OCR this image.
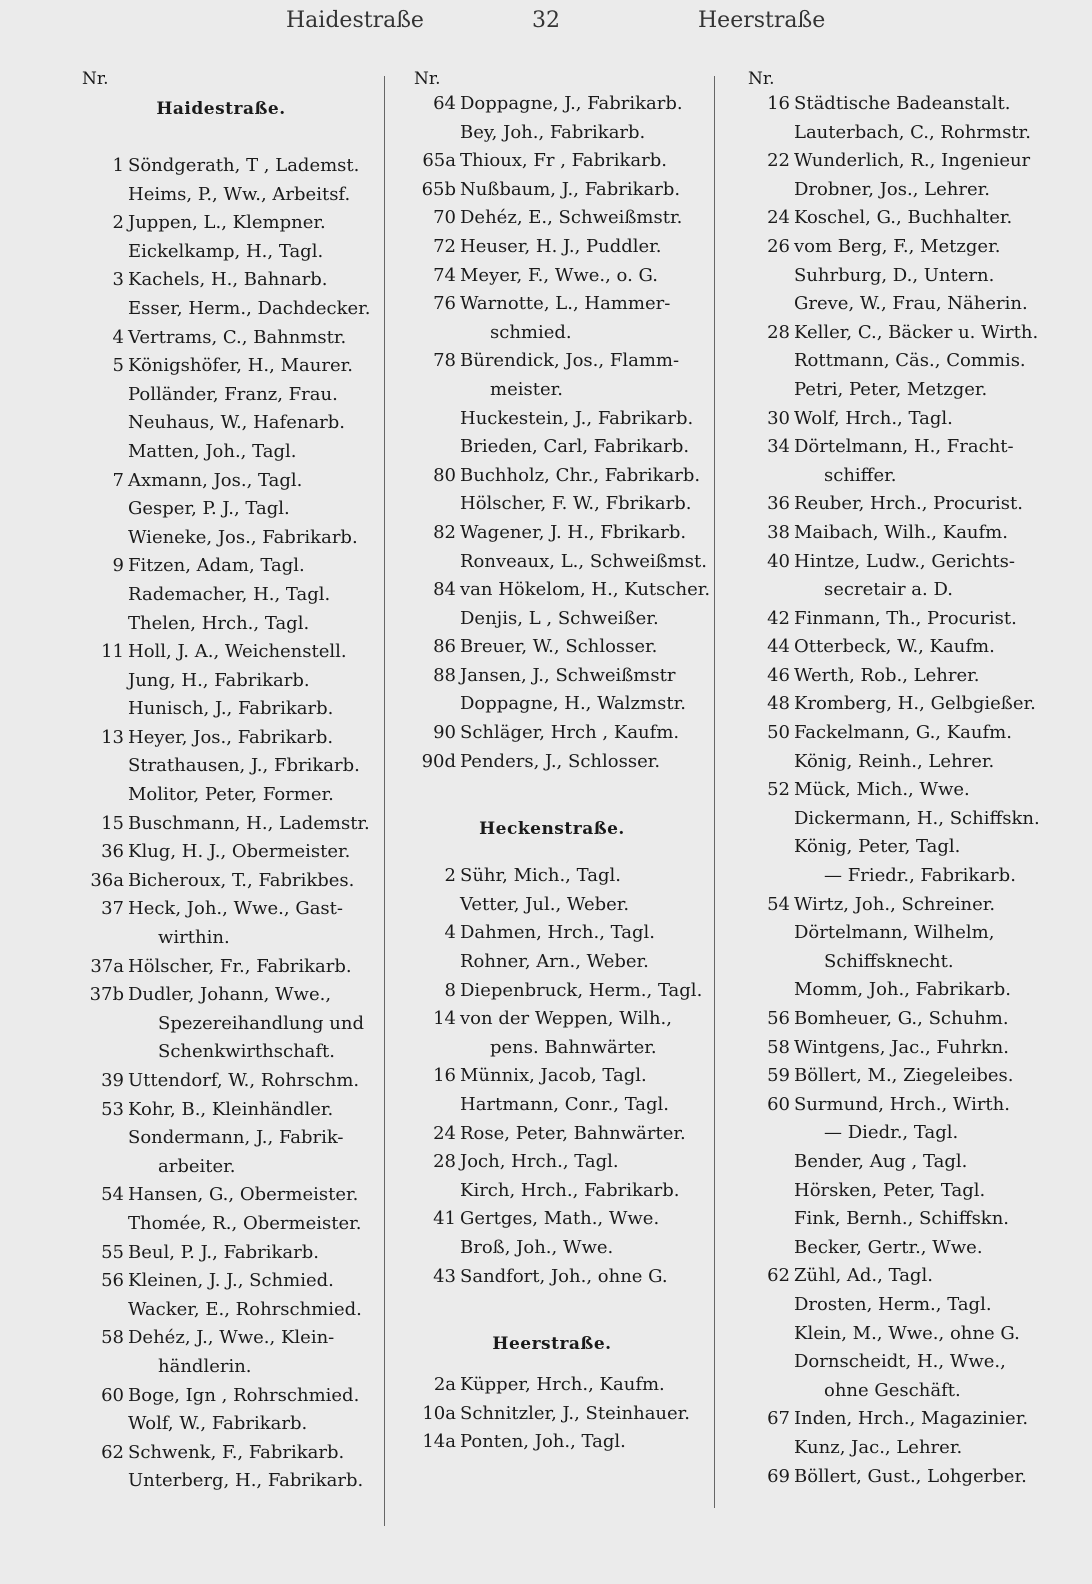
Haidestraße	32	Heerstraße
Nr.
Haidestraße.
1 Söndgerath, T , Lademst.
Heims, P., Ww., Arbeitsf.
2 Juppen, L., Klempner.
Eickelkamp, H., Tagl.
3 Kachels, H., Bahnarb.
Esser, Herm., Dachdecker.
4 Vertrams, C., Bahnmstr.
5 Königshöfer, H., Maurer.
Polländer, Franz, Frau.
Neuhaus, W., Hafenarb.
Matten, Joh., Tagl.
7 Axmann, Jos., Tagl.
Gesper, P. J., Tagl.
Wieneke, Jos., Fabrikarb.
9 Fitzen, Adam, Tagl.
Rademacher, H., Tagl.
Thelen, Hrch., Tagl.
11 Holl, J. A., Weichenstell.
Jung, H., Fabrikarb.
Hunisch, J., Fabrikarb.
13 Heyer, Jos., Fabrikarb.
Strathausen, J., Fbrikarb.
Molitor, Peter, Former.
15 Buschmann, H., Lademstr.
36 Klug, H. J., Obermeister.
36a Bicheroux, T., Fabrikbes.
37 Heck, Joh., Wwe., Gast-
wirthin.
37a Hölscher, Fr., Fabrikarb.
37b Dudler, Johann, Wwe.,
Spezereihandlung und
Schenkwirthschaft.
39 Uttendorf, W., Rohrschm.
53 Kohr, B., Kleinhändler.
Sondermann, J., Fabrik-
arbeiter.
54 Hansen, G., Obermeister.
Thomée, R., Obermeister.
55 Beul, P. J., Fabrikarb.
56 Kleinen, J. J., Schmied.
Wacker, E., Rohrschmied.
58 Dehéz, J., Wwe., Klein-
händlerin.
60 Boge, Ign , Rohrschmied.
Wolf, W., Fabrikarb.
62 Schwenk, F., Fabrikarb.
Unterberg, H., Fabrikarb.
Nr.
64 Doppagne, J., Fabrikarb.
Bey, Joh., Fabrikarb.
65a Thioux, Fr , Fabrikarb.
65b Nußbaum, J., Fabrikarb.
70 Dehéz, E., Schweißmstr.
72 Heuser, H. J., Puddler.
74 Meyer, F., Wwe., o. G.
76 Warnotte, L., Hammer-
schmied.
78 Bürendick, Jos., Flamm-
meister.
Huckestein, J., Fabrikarb.
Brieden, Carl, Fabrikarb.
80 Buchholz, Chr., Fabrikarb.
Hölscher, F. W., Fbrikarb.
82 Wagener, J. H., Fbrikarb.
Ronveaux, L., Schweißmst.
84 van Hökelom, H., Kutscher.
Denjis, L , Schweißer.
86 Breuer, W., Schlosser.
88 Jansen, J., Schweißmstr
Doppagne, H., Walzmstr.
90 Schläger, Hrch , Kaufm.
90d Penders, J., Schlosser.
Heckenstraße.
2 Sühr, Mich., Tagl.
Vetter, Jul., Weber.
4 Dahmen, Hrch., Tagl.
Rohner, Arn., Weber.
8 Diepenbruck, Herm., Tagl.
14 von der Weppen, Wilh.,
pens. Bahnwärter.
16 Münnix, Jacob, Tagl.
Hartmann, Conr., Tagl.
24 Rose, Peter, Bahnwärter.
28 Joch, Hrch., Tagl.
Kirch, Hrch., Fabrikarb.
41 Gertges, Math., Wwe.
Broß, Joh., Wwe.
43 Sandfort, Joh., ohne G.
Heerstraße.
2a Küpper, Hrch., Kaufm.
10a Schnitzler, J., Steinhauer.
14a Ponten, Joh., Tagl.
Nr.
16 Städtische Badeanstalt.
Lauterbach, C., Rohrmstr.
22 Wunderlich, R., Ingenieur
Drobner, Jos., Lehrer.
24 Koschel, G., Buchhalter.
26 vom Berg, F., Metzger.
Suhrburg, D., Untern.
Greve, W., Frau, Näherin.
28 Keller, C., Bäcker u. Wirth.
Rottmann, Cäs., Commis.
Petri, Peter, Metzger.
30 Wolf, Hrch., Tagl.
34 Dörtelmann, H., Fracht-
schiffer.
36 Reuber, Hrch., Procurist.
38 Maibach, Wilh., Kaufm.
40 Hintze, Ludw., Gerichts-
secretair a. D.
42 Finmann, Th., Procurist.
44 Otterbeck, W., Kaufm.
46 Werth, Rob., Lehrer.
48 Kromberg, H., Gelbgießer.
50 Fackelmann, G., Kaufm.
König, Reinh., Lehrer.
52 Mück, Mich., Wwe.
Dickermann, H., Schiffskn.
König, Peter, Tagl.
— Friedr., Fabrikarb.
54 Wirtz, Joh., Schreiner.
Dörtelmann, Wilhelm,
Schiffsknecht.
Momm, Joh., Fabrikarb.
56 Bomheuer, G., Schuhm.
58 Wintgens, Jac., Fuhrkn.
59 Böllert, M., Ziegeleibes.
60 Surmund, Hrch., Wirth.
— Diedr., Tagl.
Bender, Aug , Tagl.
Hörsken, Peter, Tagl.
Fink, Bernh., Schiffskn.
Becker, Gertr., Wwe.
62 Zühl, Ad., Tagl.
Drosten, Herm., Tagl.
Klein, M., Wwe., ohne G.
Dornscheidt, H., Wwe.,
ohne Geschäft.
67 Inden, Hrch., Magazinier.
Kunz, Jac., Lehrer.
69 Böllert, Gust., Lohgerber.
